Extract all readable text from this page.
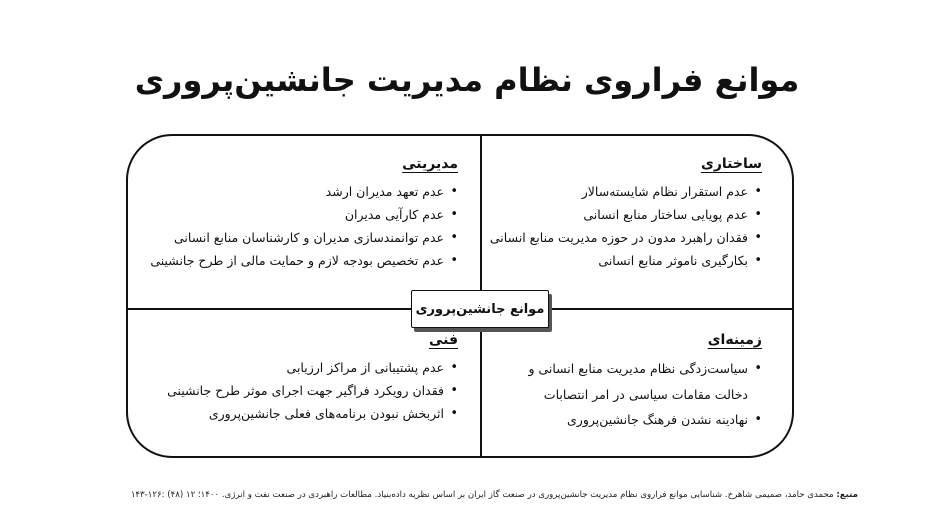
موانع فراروی نظام مدیریت جانشین‌پروری
ساختاری
•
عدم استقرار نظام شایسته‌سالار
•
عدم پویایی ساختار منابع انسانی
•
فقدان راهبرد مدون در حوزه مدیریت منابع انسانی
•
بکارگیری ناموثر منابع انسانی
مدیریتی
•
عدم تعهد مدیران ارشد
•
عدم کارآیی مدیران
•
عدم توانمندسازی مدیران و کارشناسان منابع انسانی
•
عدم تخصیص بودجه لازم و حمایت مالی از طرح جانشینی
زمینه‌ای
•
سیاست‌زدگی نظام مدیریت منابع انسانی و دخالت مقامات سیاسی در امر انتصابات
•
نهادینه نشدن فرهنگ جانشین‌پروری
فنی
•
عدم پشتیبانی از مراکز ارزیابی
•
فقدان رویکرد فراگیر جهت اجرای موثر طرح جانشینی
•
اثربخش نبودن برنامه‌های فعلی جانشین‌پروری
موانع جانشین‌پروری
منبع: محمدی حامد، صمیمی شاهرخ. شناسایی موانع فراروی نظام مدیریت جانشین‌پروری در صنعت گاز ایران بر اساس نظریه داده‌بنیاد. مطالعات راهبردی در صنعت نفت و انرژی. ۱۴۰۰؛ ۱۲ (۴۸) :۱۲۶-۱۴۳
